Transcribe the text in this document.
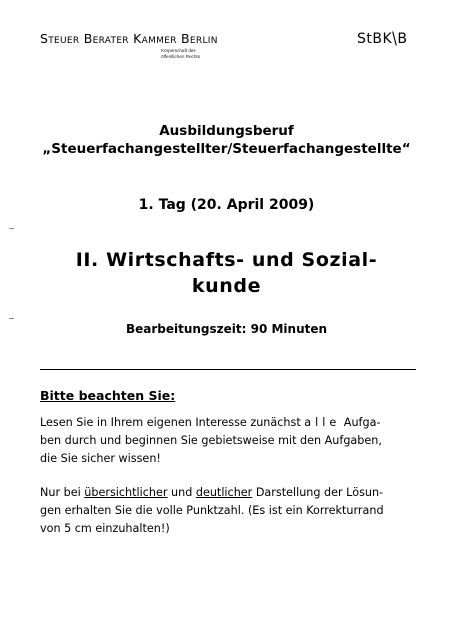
Steuer Berater Kammer Berlin
Körperschaft des
öffentlichen Rechts
StBK\B
Ausbildungsberuf
„Steuerfachangestellter/Steuerfachangestellte“
1. Tag (20. April 2009)
II. Wirtschafts- und Sozial-
kunde
Bearbeitungszeit: 90 Minuten
Bitte beachten Sie:
Lesen Sie in Ihrem eigenen Interesse zunächst alle Aufga-
ben durch und beginnen Sie gebietsweise mit den Aufgaben,
die Sie sicher wissen!
Nur bei übersichtlicher und deutlicher Darstellung der Lösun-
gen erhalten Sie die volle Punktzahl. (Es ist ein Korrekturrand
von 5 cm einzuhalten!)
